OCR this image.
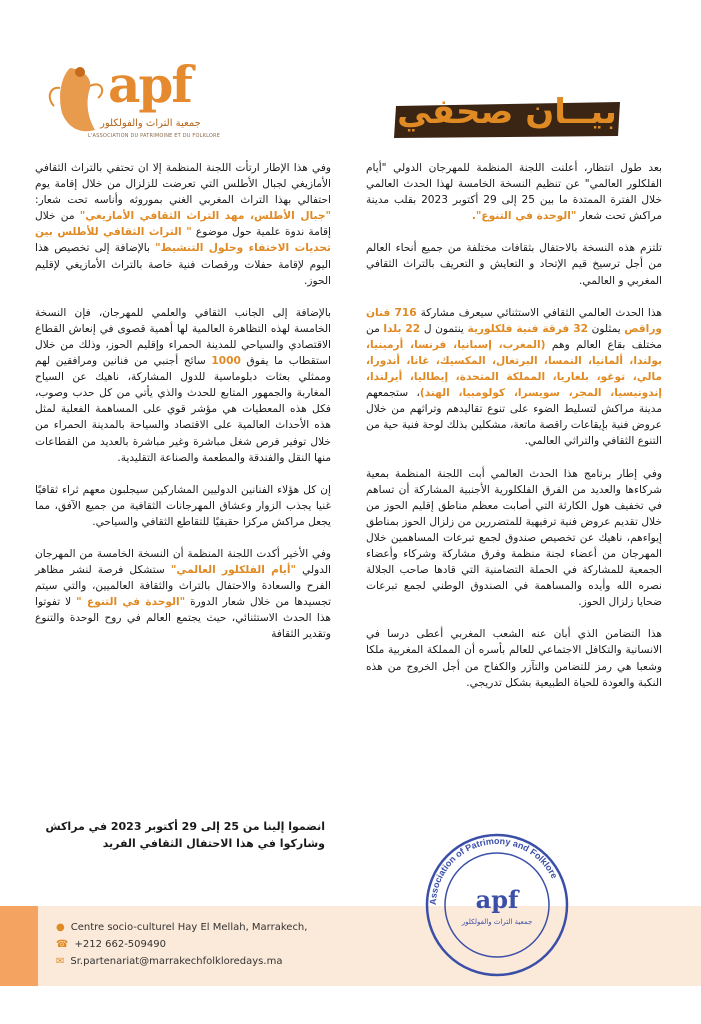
apf
جمعية التراث والفولكلور
L'ASSOCIATION DU PATRIMOINE ET DU FOLKLORE
بيــان صحفي

بعد طول انتظار، أعلنت اللجنة المنظمة للمهرجان الدولي "أيام الفلكلور العالمي" عن تنظيم النسخة الخامسة لهذا الحدث العالمي خلال الفترة الممتدة ما بين 25 إلى 29 أكتوبر 2023 بقلب مدينة مراكش تحت شعار "الوحدة في التنوع".

تلتزم هذه النسخة بالاحتفال بثقافات مختلفة من جميع أنحاء العالم من أجل ترسيخ قيم الإتحاد و التعايش و التعريف بالتراث الثقافي المغربي و العالمي.

هذا الحدث العالمي الثقافي الاستثنائي سيعرف مشاركة 716 فنان وراقص يمثلون 32 فرقة فنية فلكلورية ينتمون ل 22 بلدا من مختلف بقاع العالم وهم (المغرب، إسبانيا، فرنسا، أرمينيا، بولندا، ألمانيا، النمسا، البرتغال، المكسيك، غانا، أندورا، مالي، توغو، بلغاريا، المملكة المتحدة، إيطاليا، أيرلندا، إندونيسيا، المجر، سويسرا، كولومبيا، الهند)، ستجمعهم مدينة مراكش لتسليط الضوء على تنوع تقاليدهم وتراثهم من خلال عروض فنية بإيقاعات راقصة ماتعة، مشكلين بذلك لوحة فنية حية من التنوع الثقافي والتراثي العالمي.

وفي إطار برنامج هذا الحدث العالمي أبت اللجنة المنظمة بمعية شركاءها والعديد من الفرق الفلكلورية الأجنبية المشاركة أن تساهم في تخفيف هول الكارثة التي أصابت معظم مناطق إقليم الحوز من خلال تقديم عروض فنية ترفيهية للمتضررين من زلزال الحوز بمناطق إيواءهم، ناهيك عن تخصيص صندوق لجمع تبرعات المساهمين خلال المهرجان من أعضاء لجنة منظمة وفرق مشاركة وشركاء وأعضاء الجمعية للمشاركة في الحملة التضامنية التي قادها صاحب الجلالة نصره الله وأيده والمساهمة في الصندوق الوطني لجمع تبرعات ضحايا زلزال الحوز.

هذا التضامن الذي أبان عنه الشعب المغربي أعطى درسا في الانسانية والتكافل الاجتماعي للعالم بأسره أن المملكة المغربية ملكا وشعبا هي رمز للتضامن والتآزر والكفاح من أجل الخروج من هذه النكبة والعودة للحياة الطبيعية بشكل تدريجي.

وفي هذا الإطار ارتأت اللجنة المنظمة إلا ان تحتفي بالتراث الثقافي الأمازيغي لجبال الأطلس التي تعرضت للزلزال من خلال إقامة يوم احتفالي بهذا التراث المغربي الغني بموروثه وأناسه تحت شعار: "جبال الأطلس، مهد التراث الثقافي الأمازيغي" من خلال إقامة ندوة علمية حول موضوع " التراث الثقافي للأطلس بين تحديات الاختفاء وحلول التنشيط" بالإضافة إلى تخصيص هذا اليوم لإقامة حفلات ورقصات فنية خاصة بالتراث الأمازيغي لإقليم الحوز.

بالإضافة إلى الجانب الثقافي والعلمي للمهرجان، فإن النسخة الخامسة لهذه التظاهرة العالمية لها أهمية قصوى في إنعاش القطاع الاقتصادي والسياحي للمدينة الحمراء وإقليم الحوز، وذلك من خلال استقطاب ما يفوق 1000 سائح أجنبي من فنانين ومرافقين لهم وممثلي بعثات دبلوماسية للدول المشاركة، ناهيك عن السياح المغاربة والجمهور المتابع للحدث والذي يأتي من كل حدب وصوب، فكل هذه المعطيات هي مؤشر قوي على المساهمة الفعلية لمثل هذه الأحداث العالمية على الاقتصاد والسياحة بالمدينة الحمراء من خلال توفير فرص شغل مباشرة وغير مباشرة بالعديد من القطاعات منها النقل والفندقة والمطعمة والصناعة التقليدية.

إن كل هؤلاء الفنانين الدوليين المشاركين سيجلبون معهم ثراء ثقافيًا غنيا يجذب الزوار وعشاق المهرجانات الثقافية من جميع الآفق، مما يجعل مراكش مركزا حقيقيًا للتقاطع الثقافي والسياحي.

وفي الأخير أكدت اللجنة المنظمة أن النسخة الخامسة من المهرجان الدولي "أيام الفلكلور العالمي" ستشكل فرصة لنشر مظاهر الفرح والسعادة والاحتفال بالتراث والثقافة العالميين، والتي سيتم تجسيدها من خلال شعار الدورة "الوحدة في التنوع " لا تفوتوا هذا الحدث الاستثنائي، حيث يجتمع العالم في روح الوحدة والتنوع وتقدير الثقافة

انضموا إلينا من 25 إلى 29 أكتوبر 2023 في مراكش
وشاركوا في هذا الاحتفال الثقافي الفريد
● Centre socio-culturel Hay El Mellah, Marrakech,
☎ +212 662-509490
✉ Sr.partenariat@marrakechfolkloredays.ma
Association of Patrimony and Folklore
apf
جمعية التراث والفولكلور
